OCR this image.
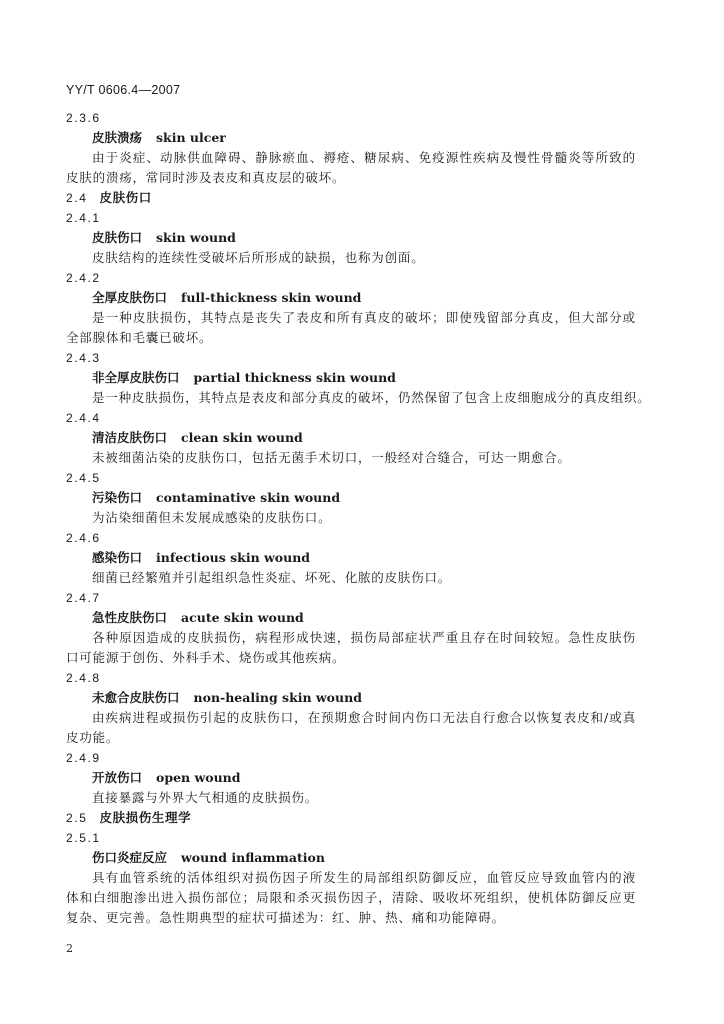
YY/T 0606.4—2007
2.3.6
皮肤溃疡 skin ulcer

由于炎症、动脉供血障碍、静脉瘀血、褥疮、糖尿病、免疫源性疾病及慢性骨髓炎等所致的皮肤的溃疡，常同时涉及表皮和真皮层的破坏。

2.4 皮肤伤口
2.4.1
皮肤伤口 skin wound

皮肤结构的连续性受破坏后所形成的缺损，也称为创面。

2.4.2
全厚皮肤伤口 full-thickness skin wound

是一种皮肤损伤，其特点是丧失了表皮和所有真皮的破坏；即使残留部分真皮，但大部分或全部腺体和毛囊已破坏。

2.4.3
非全厚皮肤伤口 partial thickness skin wound

是一种皮肤损伤，其特点是表皮和部分真皮的破坏，仍然保留了包含上皮细胞成分的真皮组织。

2.4.4
清洁皮肤伤口 clean skin wound

未被细菌沾染的皮肤伤口，包括无菌手术切口，一般经对合缝合，可达一期愈合。

2.4.5
污染伤口 contaminative skin wound

为沾染细菌但未发展成感染的皮肤伤口。

2.4.6
感染伤口 infectious skin wound

细菌已经繁殖并引起组织急性炎症、坏死、化脓的皮肤伤口。

2.4.7
急性皮肤伤口 acute skin wound

各种原因造成的皮肤损伤，病程形成快速，损伤局部症状严重且存在时间较短。急性皮肤伤口可能源于创伤、外科手术、烧伤或其他疾病。

2.4.8
未愈合皮肤伤口 non-healing skin wound

由疾病进程或损伤引起的皮肤伤口，在预期愈合时间内伤口无法自行愈合以恢复表皮和/或真皮功能。

2.4.9
开放伤口 open wound

直接暴露与外界大气相通的皮肤损伤。

2.5 皮肤损伤生理学
2.5.1
伤口炎症反应 wound inflammation

具有血管系统的活体组织对损伤因子所发生的局部组织防御反应，血管反应导致血管内的液体和白细胞渗出进入损伤部位；局限和杀灭损伤因子，清除、吸收坏死组织，使机体防御反应更复杂、更完善。急性期典型的症状可描述为：红、肿、热、痛和功能障碍。

2
